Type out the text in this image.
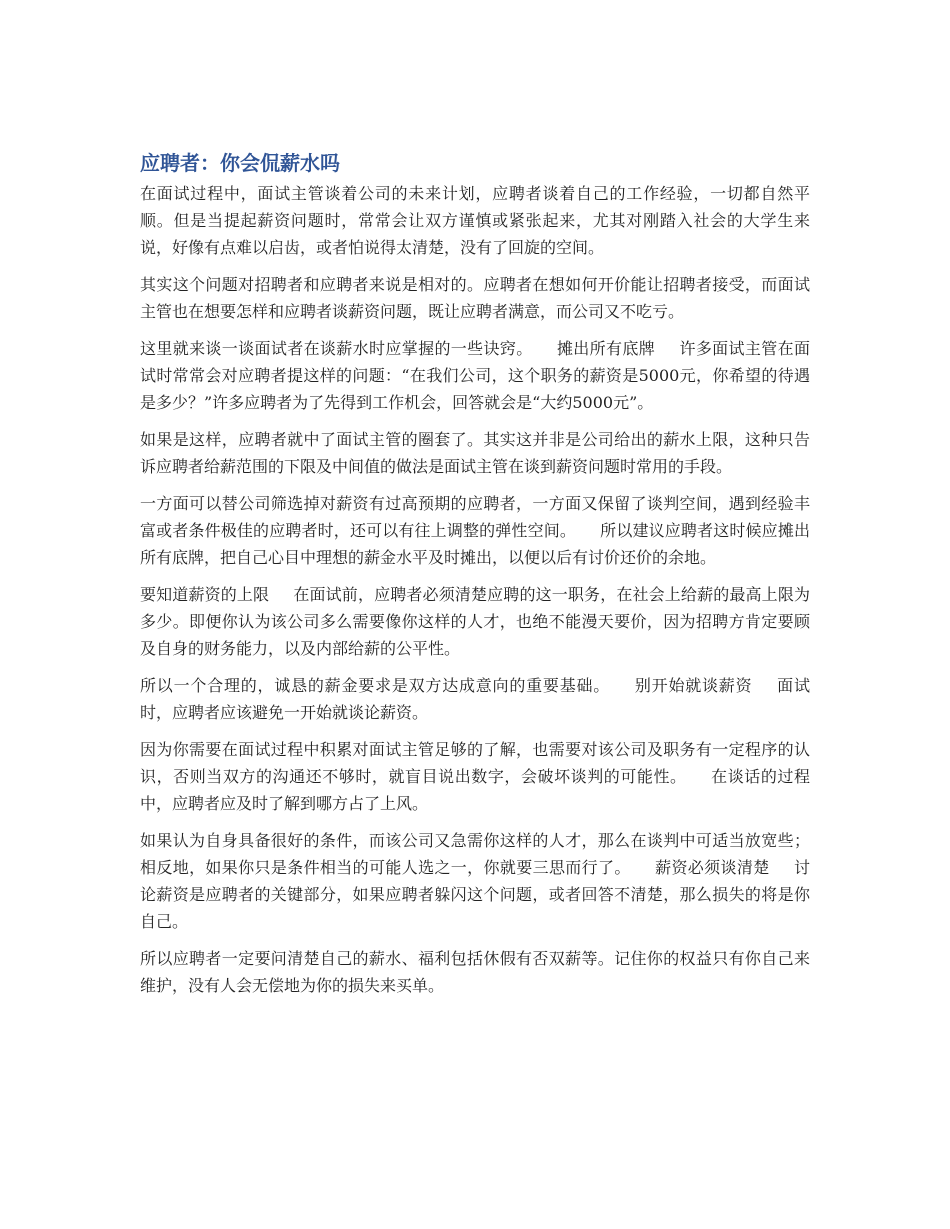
应聘者：你会侃薪水吗

在面试过程中，面试主管谈着公司的未来计划，应聘者谈着自己的工作经验，一切都自然平顺。但是当提起薪资问题时，常常会让双方谨慎或紧张起来，尤其对刚踏入社会的大学生来说，好像有点难以启齿，或者怕说得太清楚，没有了回旋的空间。

其实这个问题对招聘者和应聘者来说是相对的。应聘者在想如何开价能让招聘者接受，而面试主管也在想要怎样和应聘者谈薪资问题，既让应聘者满意，而公司又不吃亏。

这里就来谈一谈面试者在谈薪水时应掌握的一些诀窍。 摊出所有底牌 许多面试主管在面试时常常会对应聘者提这样的问题：“在我们公司，这个职务的薪资是5000元，你希望的待遇是多少？”许多应聘者为了先得到工作机会，回答就会是“大约5000元”。

如果是这样，应聘者就中了面试主管的圈套了。其实这并非是公司给出的薪水上限，这种只告诉应聘者给薪范围的下限及中间值的做法是面试主管在谈到薪资问题时常用的手段。

一方面可以替公司筛选掉对薪资有过高预期的应聘者，一方面又保留了谈判空间，遇到经验丰富或者条件极佳的应聘者时，还可以有往上调整的弹性空间。 所以建议应聘者这时候应摊出所有底牌，把自己心目中理想的薪金水平及时摊出，以便以后有讨价还价的余地。

要知道薪资的上限 在面试前，应聘者必须清楚应聘的这一职务，在社会上给薪的最高上限为多少。即便你认为该公司多么需要像你这样的人才，也绝不能漫天要价，因为招聘方肯定要顾及自身的财务能力，以及内部给薪的公平性。

所以一个合理的，诚恳的薪金要求是双方达成意向的重要基础。 别开始就谈薪资 面试时，应聘者应该避免一开始就谈论薪资。

因为你需要在面试过程中积累对面试主管足够的了解，也需要对该公司及职务有一定程序的认识，否则当双方的沟通还不够时，就盲目说出数字，会破坏谈判的可能性。 在谈话的过程中，应聘者应及时了解到哪方占了上风。

如果认为自身具备很好的条件，而该公司又急需你这样的人才，那么在谈判中可适当放宽些；相反地，如果你只是条件相当的可能人选之一，你就要三思而行了。 薪资必须谈清楚 讨论薪资是应聘者的关键部分，如果应聘者躲闪这个问题，或者回答不清楚，那么损失的将是你自己。

所以应聘者一定要问清楚自己的薪水、福利包括休假有否双薪等。记住你的权益只有你自己来维护，没有人会无偿地为你的损失来买单。
